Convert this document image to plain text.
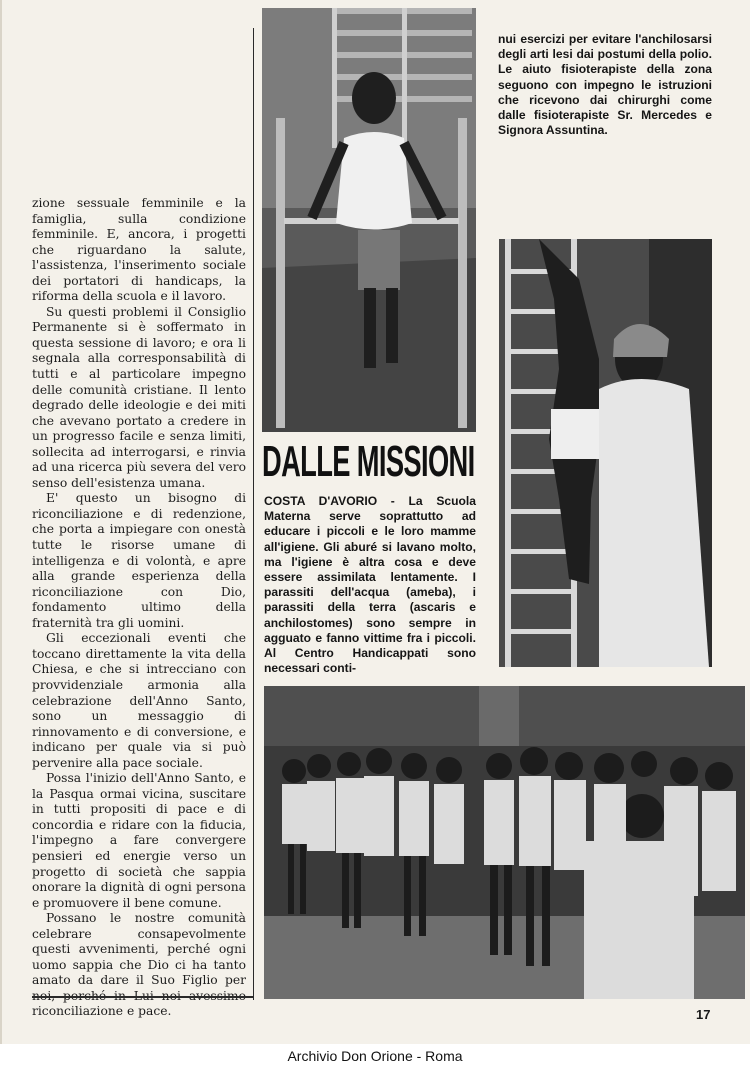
zione sessuale femminile e la famiglia, sulla condizione femminile. E, ancora, i progetti che riguardano la salute, l'assistenza, l'inserimento sociale dei portatori di handicaps, la riforma della scuola e il lavoro.

Su questi problemi il Consiglio Permanente si è soffermato in questa sessione di lavoro; e ora li segnala alla corresponsabilità di tutti e al particolare impegno delle comunità cristiane. Il lento degrado delle ideologie e dei miti che avevano portato a credere in un progresso facile e senza limiti, sollecita ad interrogarsi, e rinvia ad una ricerca più severa del vero senso dell'esistenza umana.

E' questo un bisogno di riconciliazione e di redenzione, che porta a impiegare con onestà tutte le risorse umane di intelligenza e di volontà, e apre alla grande esperienza della riconciliazione con Dio, fondamento ultimo della fraternità tra gli uomini.

Gli eccezionali eventi che toccano direttamente la vita della Chiesa, e che si intrecciano con provvidenziale armonia alla celebrazione dell'Anno Santo, sono un messaggio di rinnovamento e di conversione, e indicano per quale via si può pervenire alla pace sociale.

Possa l'inizio dell'Anno Santo, e la Pasqua ormai vicina, suscitare in tutti propositi di pace e di concordia e ridare con la fiducia, l'impegno a fare convergere pensieri ed energie verso un progetto di società che sappia onorare la dignità di ogni persona e promuovere il bene comune.

Possano le nostre comunità celebrare consapevolmente questi avvenimenti, perché ogni uomo sappia che Dio ci ha tanto amato da dare il Suo Figlio per riconciliazione e pace.

DALLE MISSIONI
COSTA D'AVORIO - La Scuola Materna serve soprattutto ad educare i piccoli e le loro mamme all'igiene. Gli aburé si lavano molto, ma l'igiene è altra cosa e deve essere assimilata lentamente. I parassiti dell'acqua (ameba), i parassiti della terra (ascaris e anchilostomes) sono sempre in agguato e fanno vittime fra i piccoli. Al Centro Handicappati sono necessari conti-
nui esercizi per evitare l'anchilosarsi degli arti lesi dai postumi della polio. Le aiuto fisioterapiste della zona seguono con impegno le istruzioni che ricevono dai chirurghi come dalle fisioterapiste Sr. Mercedes e Signora Assuntina.
17
Archivio Don Orione - Roma
